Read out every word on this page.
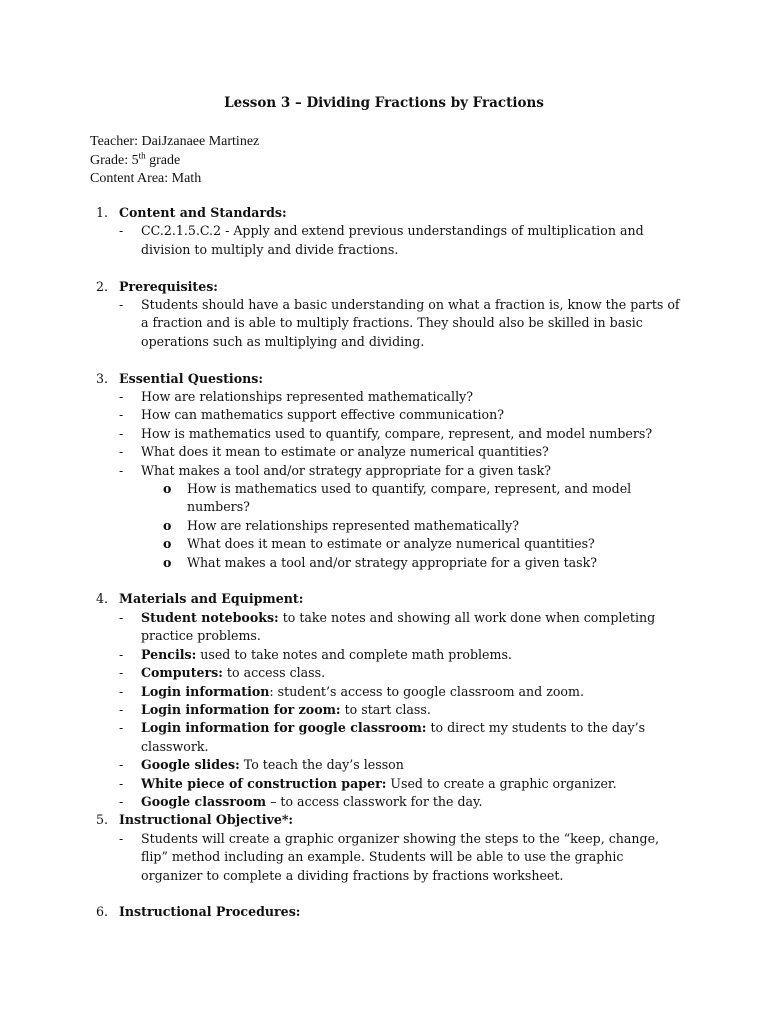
Lesson 3 – Dividing Fractions by Fractions
Teacher: DaiJzanaee Martinez
Grade: 5th grade
Content Area: Math
1. Content and Standards:
- CC.2.1.5.C.2 - Apply and extend previous understandings of multiplication and division to multiply and divide fractions.
2. Prerequisites:
- Students should have a basic understanding on what a fraction is, know the parts of a fraction and is able to multiply fractions. They should also be skilled in basic operations such as multiplying and dividing.
3. Essential Questions:
- How are relationships represented mathematically?
- How can mathematics support effective communication?
- How is mathematics used to quantify, compare, represent, and model numbers?
- What does it mean to estimate or analyze numerical quantities?
- What makes a tool and/or strategy appropriate for a given task?
o How is mathematics used to quantify, compare, represent, and model numbers?
o How are relationships represented mathematically?
o What does it mean to estimate or analyze numerical quantities?
o What makes a tool and/or strategy appropriate for a given task?
4. Materials and Equipment:
- Student notebooks: to take notes and showing all work done when completing practice problems.
- Pencils: used to take notes and complete math problems.
- Computers: to access class.
- Login information: student’s access to google classroom and zoom.
- Login information for zoom: to start class.
- Login information for google classroom: to direct my students to the day’s classwork.
- Google slides: To teach the day’s lesson
- White piece of construction paper: Used to create a graphic organizer.
- Google classroom – to access classwork for the day.
5. Instructional Objective*:
- Students will create a graphic organizer showing the steps to the “keep, change, flip” method including an example. Students will be able to use the graphic organizer to complete a dividing fractions by fractions worksheet.
6. Instructional Procedures:
